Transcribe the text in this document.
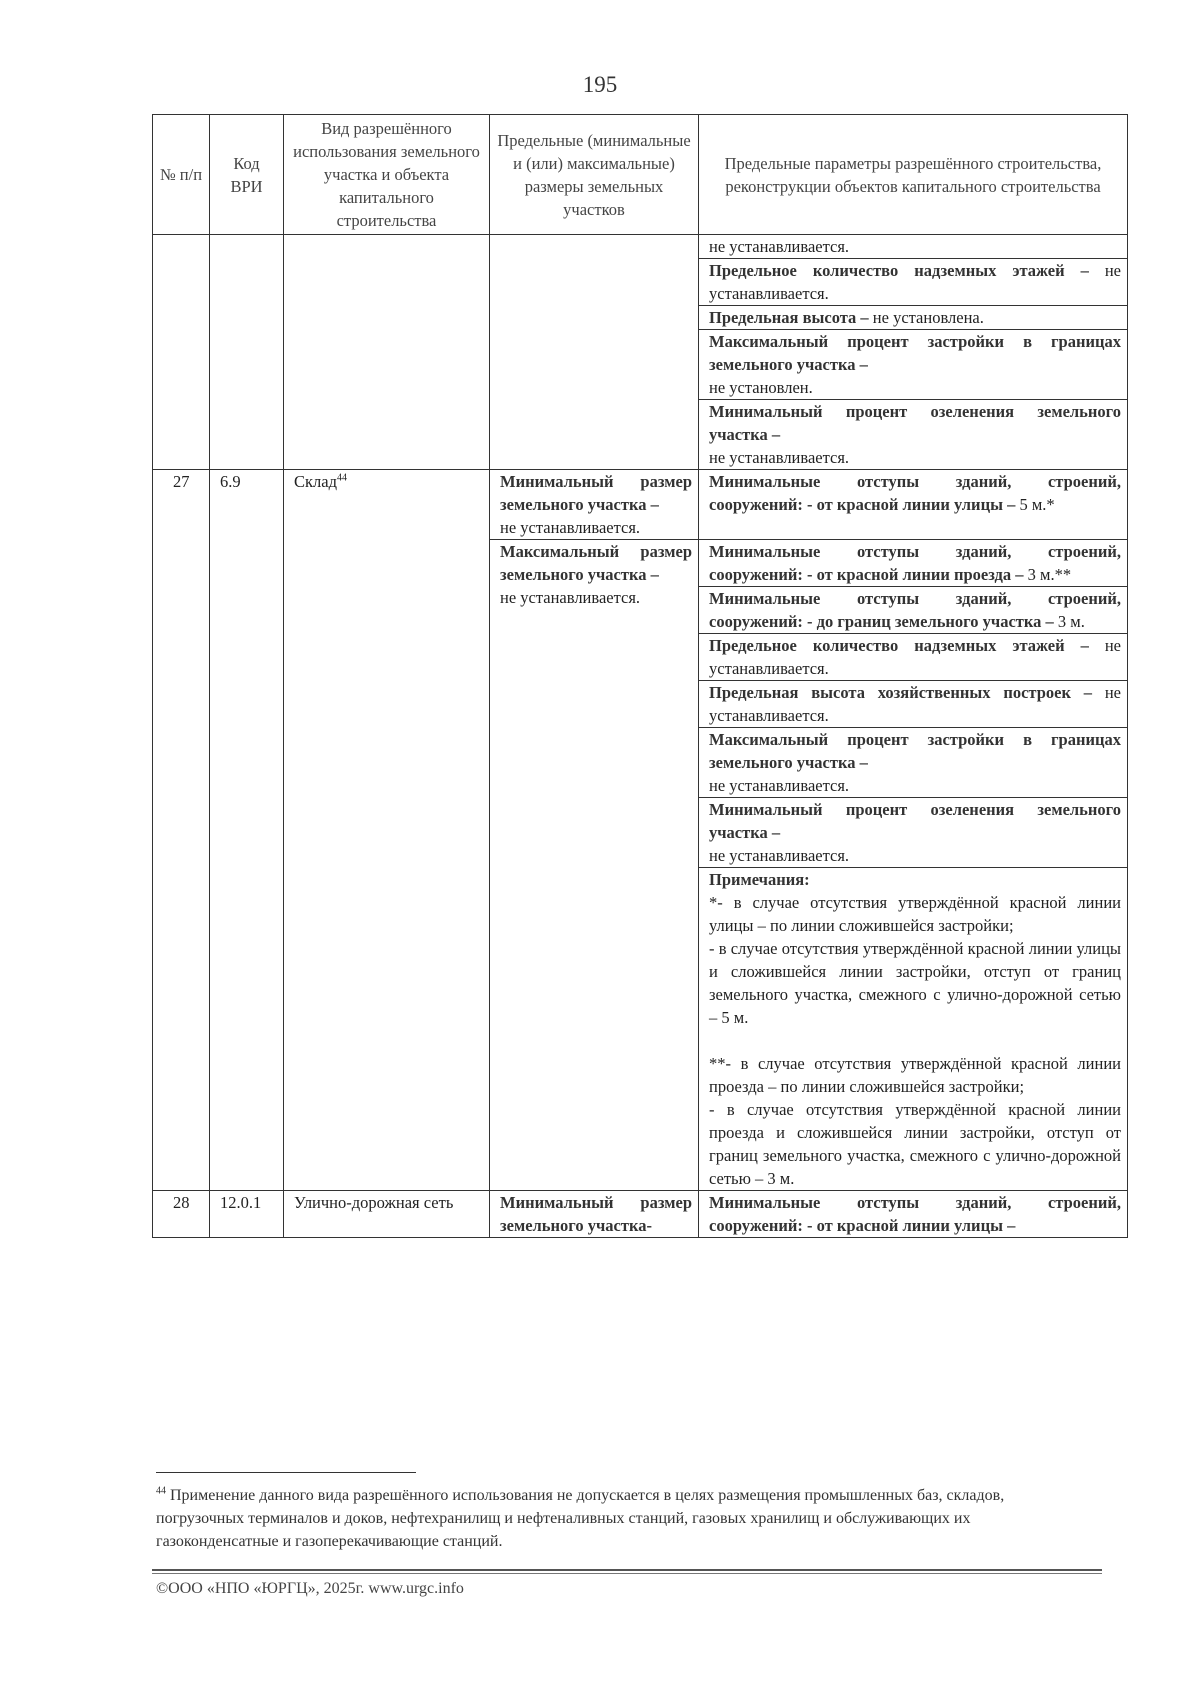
195
№ п/п	Код ВРИ	Вид разрешённого использования земельного участка и объекта капитального строительства	Предельные (минимальные и (или) максимальные) размеры земельных участков	Предельные параметры разрешённого строительства, реконструкции объектов капитального строительства
				не устанавливается.
				Предельное количество надземных этажей – не устанавливается.
				Предельная высота – не установлена.
				Максимальный процент застройки в границах земельного участка –
не установлен.
				Минимальный процент озеленения земельного участка –
не устанавливается.
27	6.9	Склад$^{44}$	Минимальный размер земельного участка –
не устанавливается.	Минимальные отступы зданий, строений, сооружений: - от красной линии улицы – 5 м.*
			Максимальный размер земельного участка –
не устанавливается.	Минимальные отступы зданий, строений, сооружений: - от красной линии проезда – 3 м.**
				Минимальные отступы зданий, строений, сооружений: - до границ земельного участка – 3 м.
				Предельное количество надземных этажей – не устанавливается.
				Предельная высота хозяйственных построек – не устанавливается.
				Максимальный процент застройки в границах земельного участка –
не устанавливается.
				Минимальный процент озеленения земельного участка –
не устанавливается.

				Примечания:
*- в случае отсутствия утверждённой красной линии улицы – по линии сложившейся застройки;
- в случае отсутствия утверждённой красной линии улицы и сложившейся линии застройки, отступ от границ земельного участка, смежного с улично-дорожной сетью – 5 м.
**- в случае отсутствия утверждённой красной линии проезда – по линии сложившейся застройки;
- в случае отсутствия утверждённой красной линии проезда и сложившейся линии застройки, отступ от границ земельного участка, смежного с улично-дорожной сетью – 3 м.

28	12.0.1	Улично-дорожная сеть	Минимальный размер земельного участка-	Минимальные отступы зданий, строений, сооружений: - от красной линии улицы –
$^{44}$ Применение данного вида разрешённого использования не допускается в целях размещения промышленных баз, складов, погрузочных терминалов и доков, нефтехранилищ и нефтеналивных станций, газовых хранилищ и обслуживающих их газоконденсатные и газоперекачивающие станций.
©ООО «НПО «ЮРГЦ», 2025г. www.urgc.info
